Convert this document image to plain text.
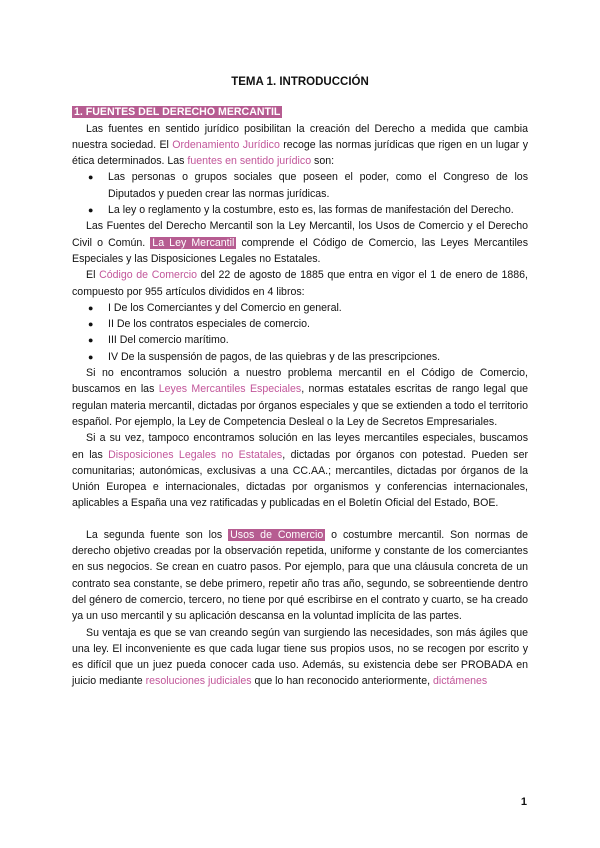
TEMA 1. INTRODUCCIÓN
1. FUENTES DEL DERECHO MERCANTIL

Las fuentes en sentido jurídico posibilitan la creación del Derecho a medida que cambia nuestra sociedad. El Ordenamiento Jurídico recoge las normas jurídicas que rigen en un lugar y ética determinados. Las fuentes en sentido jurídico son:

● Las personas o grupos sociales que poseen el poder, como el Congreso de los Diputados y pueden crear las normas jurídicas.
● La ley o reglamento y la costumbre, esto es, las formas de manifestación del Derecho.

Las Fuentes del Derecho Mercantil son la Ley Mercantil, los Usos de Comercio y el Derecho Civil o Común. La Ley Mercantil comprende el Código de Comercio, las Leyes Mercantiles Especiales y las Disposiciones Legales no Estatales.

El Código de Comercio del 22 de agosto de 1885 que entra en vigor el 1 de enero de 1886, compuesto por 955 artículos divididos en 4 libros:

● I De los Comerciantes y del Comercio en general.
● II De los contratos especiales de comercio.
● III Del comercio marítimo.
● IV De la suspensión de pagos, de las quiebras y de las prescripciones.

Si no encontramos solución a nuestro problema mercantil en el Código de Comercio, buscamos en las Leyes Mercantiles Especiales, normas estatales escritas de rango legal que regulan materia mercantil, dictadas por órganos especiales y que se extienden a todo el territorio español. Por ejemplo, la Ley de Competencia Desleal o la Ley de Secretos Empresariales.

Si a su vez, tampoco encontramos solución en las leyes mercantiles especiales, buscamos en las Disposiciones Legales no Estatales, dictadas por órganos con potestad. Pueden ser comunitarias; autonómicas, exclusivas a una CC.AA.; mercantiles, dictadas por órganos de la Unión Europea e internacionales, dictadas por organismos y conferencias internacionales, aplicables a España una vez ratificadas y publicadas en el Boletín Oficial del Estado, BOE.

La segunda fuente son los Usos de Comercio o costumbre mercantil. Son normas de derecho objetivo creadas por la observación repetida, uniforme y constante de los comerciantes en sus negocios. Se crean en cuatro pasos. Por ejemplo, para que una cláusula concreta de un contrato sea constante, se debe primero, repetir año tras año, segundo, se sobreentiende dentro del género de comercio, tercero, no tiene por qué escribirse en el contrato y cuarto, se ha creado ya un uso mercantil y su aplicación descansa en la voluntad implícita de las partes.

Su ventaja es que se van creando según van surgiendo las necesidades, son más ágiles que una ley. El inconveniente es que cada lugar tiene sus propios usos, no se recogen por escrito y es difícil que un juez pueda conocer cada uso. Además, su existencia debe ser PROBADA en juicio mediante resoluciones judiciales que lo han reconocido anteriormente, dictámenes

1
